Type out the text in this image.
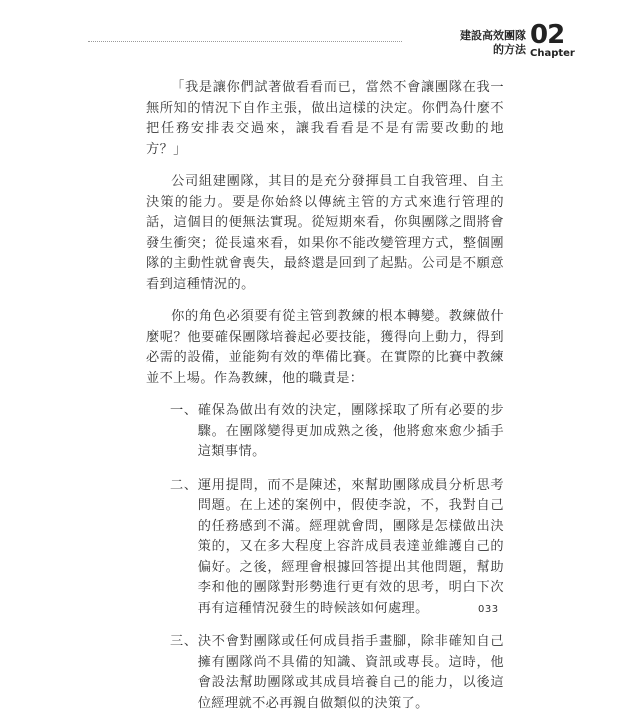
建設高效團隊
的方法 02
Chapter

「我是讓你們試著做看看而已，當然不會讓團隊在我一無所知的情況下自作主張，做出這樣的決定。你們為什麼不把任務安排表交過來，讓我看看是不是有需要改動的地方？」

公司組建團隊，其目的是充分發揮員工自我管理、自主決策的能力。要是你始終以傳統主管的方式來進行管理的話，這個目的便無法實現。從短期來看，你與團隊之間將會發生衝突；從長遠來看，如果你不能改變管理方式，整個團隊的主動性就會喪失，最終還是回到了起點。公司是不願意看到這種情況的。

你的角色必須要有從主管到教練的根本轉變。教練做什麼呢？他要確保團隊培養起必要技能，獲得向上動力，得到必需的設備，並能夠有效的準備比賽。在實際的比賽中教練並不上場。作為教練，他的職責是：

一、確保為做出有效的決定，團隊採取了所有必要的步驟。在團隊變得更加成熟之後，他將愈來愈少插手這類事情。

二、運用提問，而不是陳述，來幫助團隊成員分析思考問題。在上述的案例中，假使李說，不，我對自己的任務感到不滿。經理就會問，團隊是怎樣做出決策的，又在多大程度上容許成員表達並維護自己的偏好。之後，經理會根據回答提出其他問題，幫助李和他的團隊對形勢進行更有效的思考，明白下次再有這種情況發生的時候該如何處理。

三、決不會對團隊或任何成員指手畫腳，除非確知自己擁有團隊尚不具備的知識、資訊或專長。這時，他會設法幫助團隊或其成員培養自己的能力，以後這位經理就不必再親自做類似的決策了。

033
